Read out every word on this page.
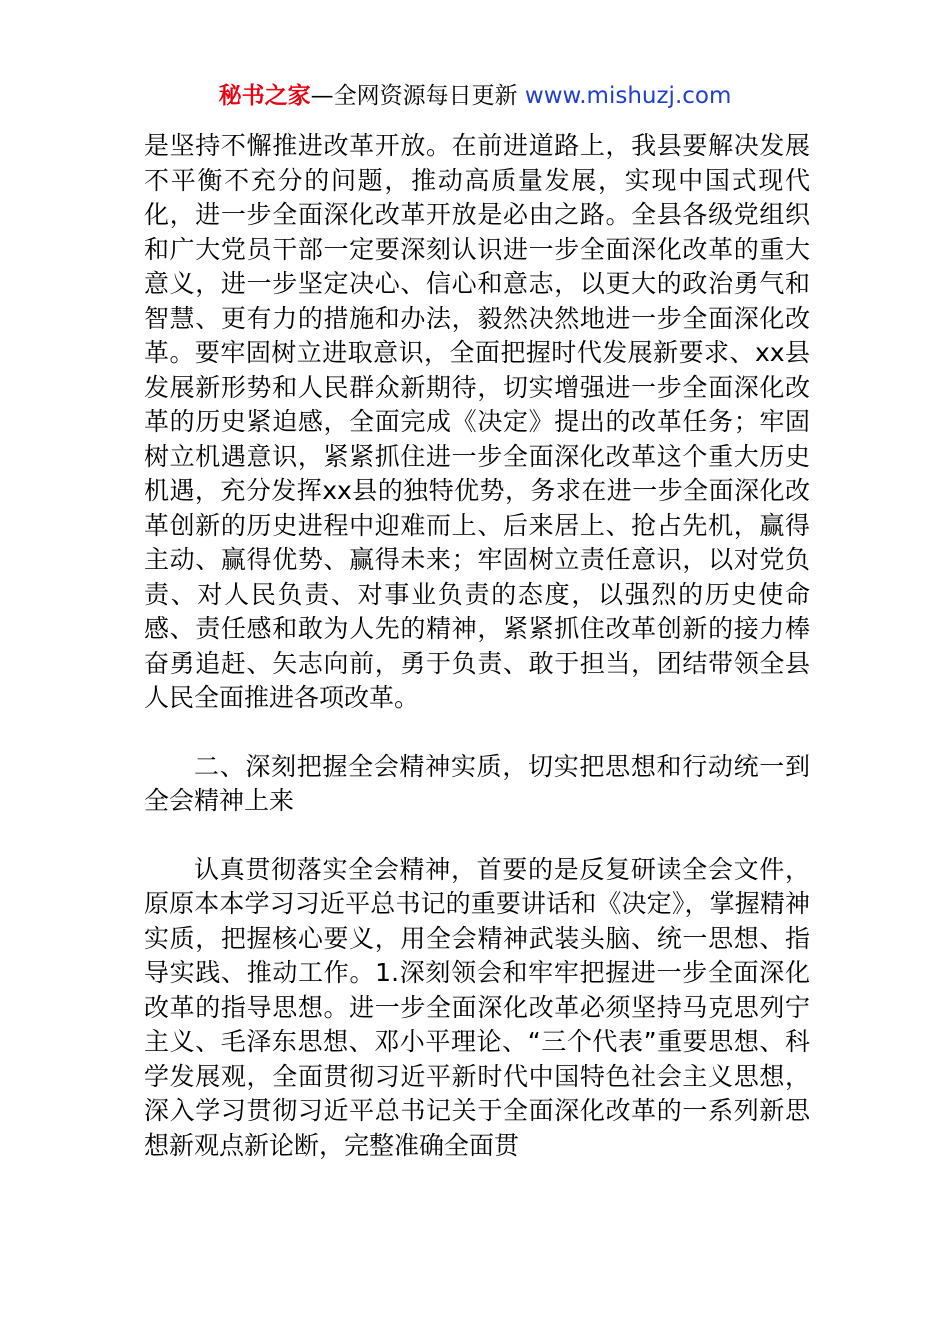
秘书之家—全网资源每日更新 www.mishuzj.com

是坚持不懈推进改革开放。在前进道路上，我县要解决发展不平衡不充分的问题，推动高质量发展，实现中国式现代化，进一步全面深化改革开放是必由之路。全县各级党组织和广大党员干部一定要深刻认识进一步全面深化改革的重大意义，进一步坚定决心、信心和意志，以更大的政治勇气和智慧、更有力的措施和办法，毅然决然地进一步全面深化改革。要牢固树立进取意识，全面把握时代发展新要求、xx县发展新形势和人民群众新期待，切实增强进一步全面深化改革的历史紧迫感，全面完成《决定》提出的改革任务；牢固树立机遇意识，紧紧抓住进一步全面深化改革这个重大历史机遇，充分发挥xx县的独特优势，务求在进一步全面深化改革创新的历史进程中迎难而上、后来居上、抢占先机，赢得主动、赢得优势、赢得未来；牢固树立责任意识，以对党负责、对人民负责、对事业负责的态度，以强烈的历史使命感、责任感和敢为人先的精神，紧紧抓住改革创新的接力棒奋勇追赶、矢志向前，勇于负责、敢于担当，团结带领全县人民全面推进各项改革。

二、深刻把握全会精神实质，切实把思想和行动统一到全会精神上来

认真贯彻落实全会精神，首要的是反复研读全会文件，原原本本学习习近平总书记的重要讲话和《决定》，掌握精神实质，把握核心要义，用全会精神武装头脑、统一思想、指导实践、推动工作。1.深刻领会和牢牢把握进一步全面深化改革的指导思想。进一步全面深化改革必须坚持马克思列宁主义、毛泽东思想、邓小平理论、“三个代表”重要思想、科学发展观，全面贯彻习近平新时代中国特色社会主义思想，深入学习贯彻习近平总书记关于全面深化改革的一系列新思想新观点新论断，完整准确全面贯
